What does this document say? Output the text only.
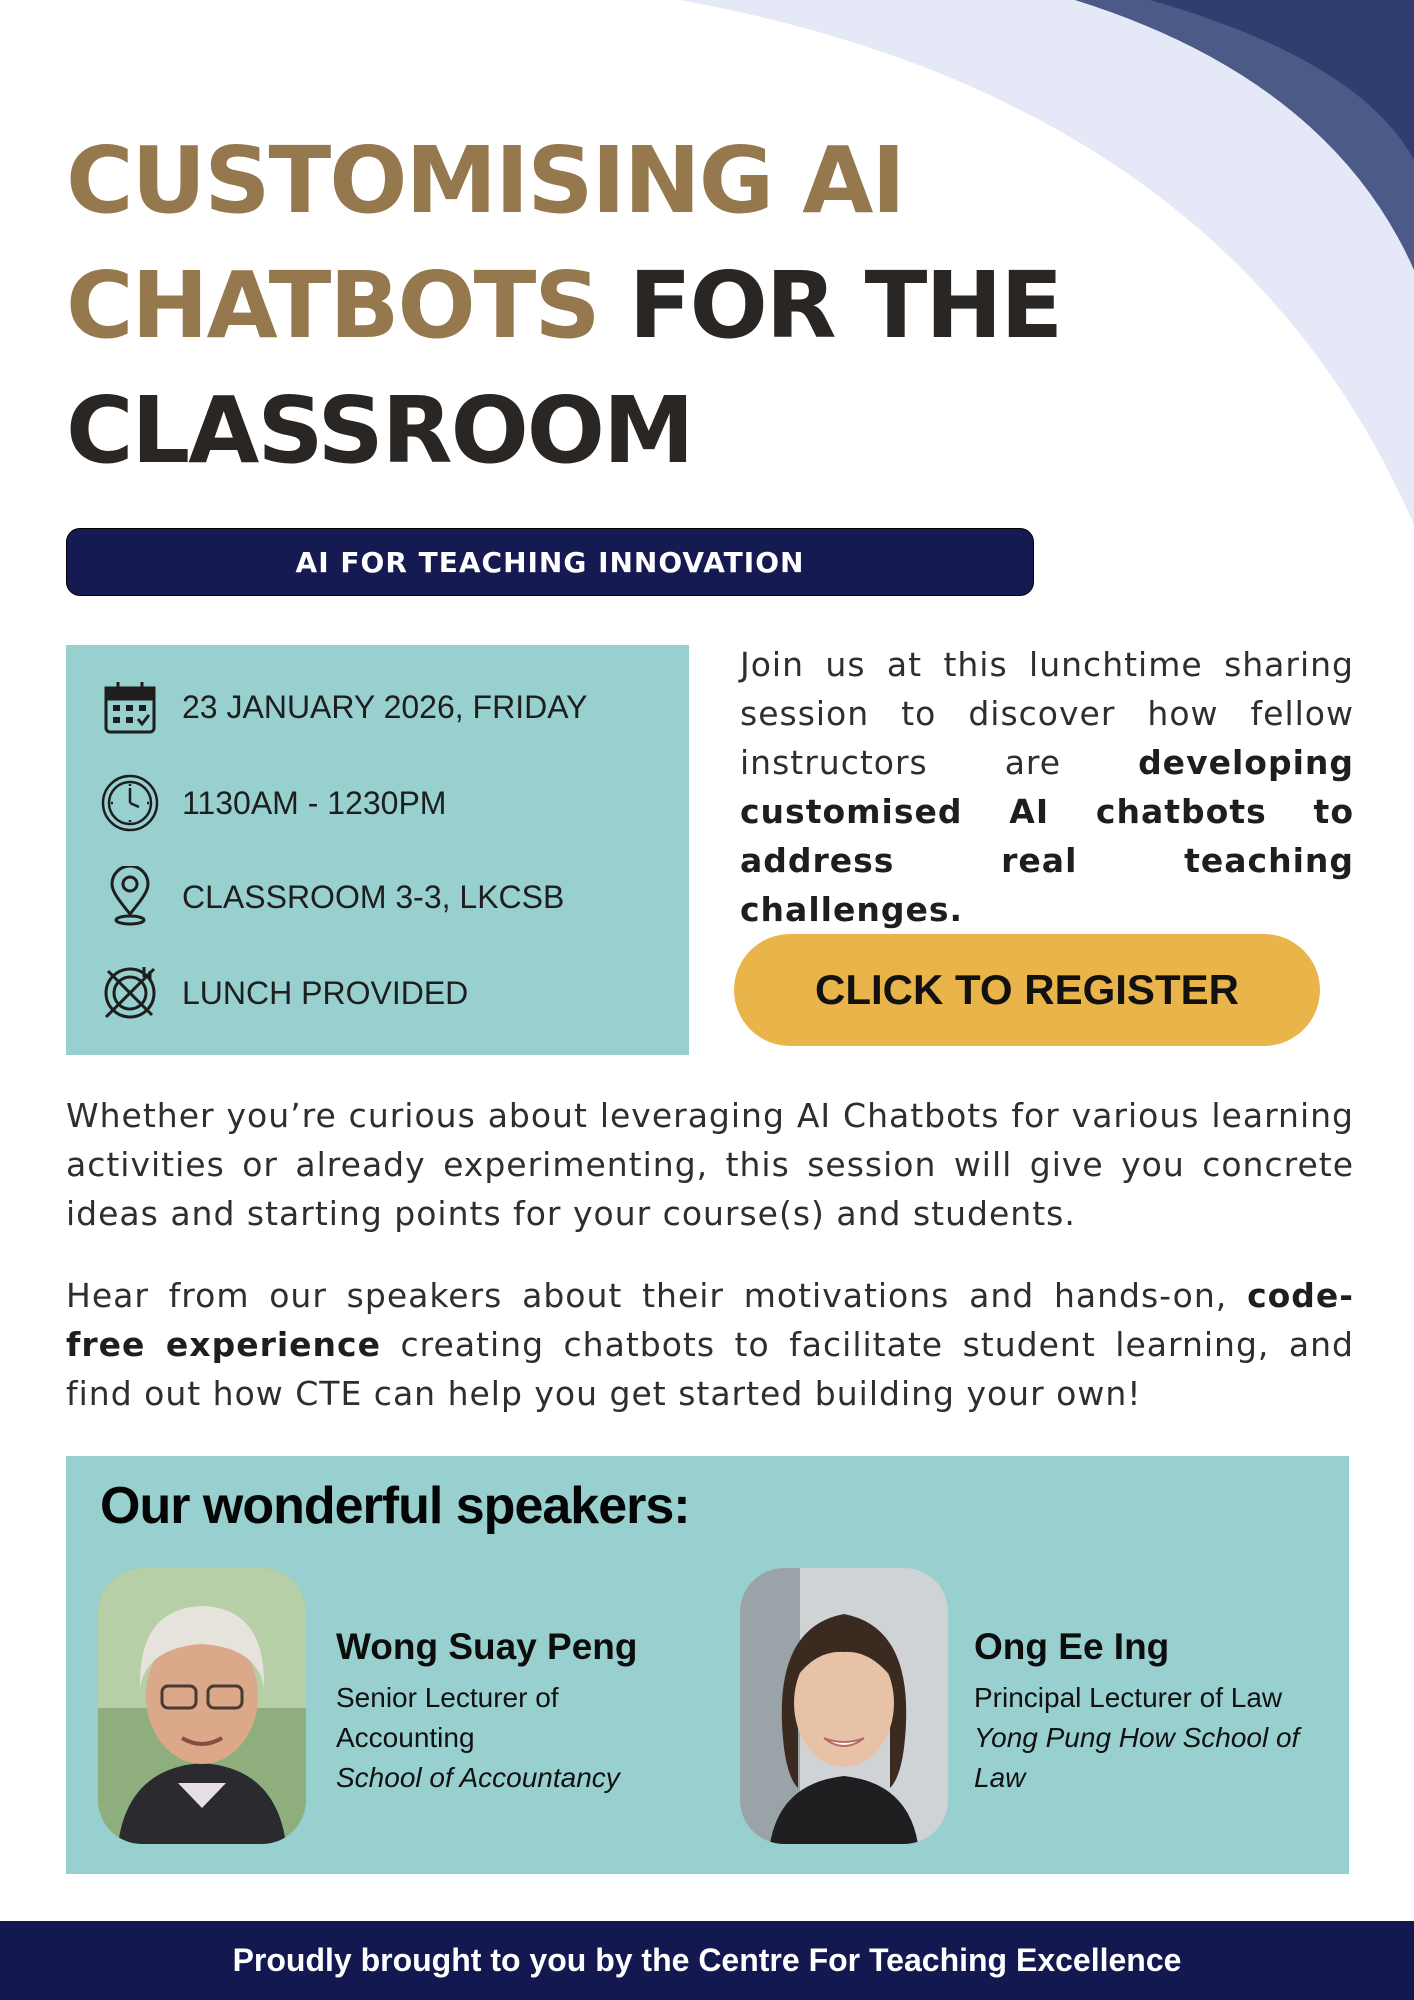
CUSTOMISING AI
CHATBOTS FOR THE
CLASSROOM
AI FOR TEACHING INNOVATION
23 JANUARY 2026, FRIDAY
1130AM - 1230PM
CLASSROOM 3-3, LKCSB
LUNCH PROVIDED

Join us at this lunchtime sharing session to discover how fellow instructors are developing customised AI chatbots to address real teaching challenges.

CLICK TO REGISTER

Whether you’re curious about leveraging AI Chatbots for various learning activities or already experimenting, this session will give you concrete ideas and starting points for your course(s) and students.

Hear from our speakers about their motivations and hands-on, code-free experience creating chatbots to facilitate student learning, and find out how CTE can help you get started building your own!

Our wonderful speakers:
Wong Suay Peng
Senior Lecturer of Accounting
School of Accountancy
Ong Ee Ing
Principal Lecturer of Law
Yong Pung How School of Law
Proudly brought to you by the Centre For Teaching Excellence
